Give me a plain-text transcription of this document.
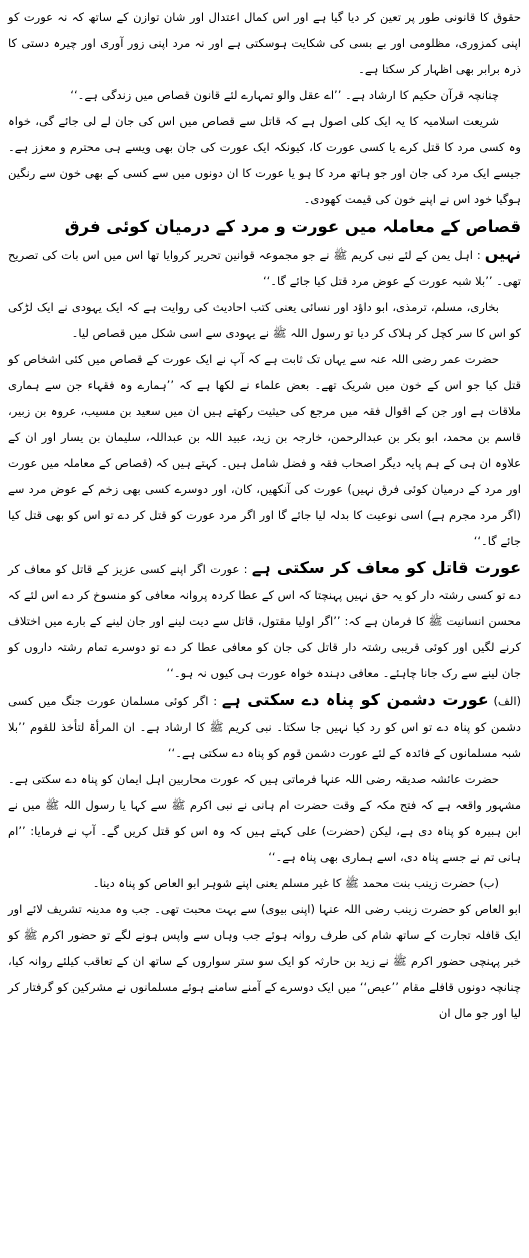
حقوق کا قانونی طور پر تعین کر دیا گیا ہے اور اس کمال اعتدال اور شان توازن کے ساتھ کہ نہ عورت کو اپنی کمزوری، مظلومی اور بے بسی کی شکایت ہوسکتی ہے اور نہ مرد اپنی زور آوری اور چیرہ دستی کا ذرہ برابر بھی اظہار کر سکتا ہے۔

چنانچہ قرآن حکیم کا ارشاد ہے۔ ’’اے عقل والو تمہارے لئے قانون قصاص میں زندگی ہے۔‘‘

شریعت اسلامیہ کا یہ ایک کلی اصول ہے کہ قاتل سے قصاص میں اس کی جان لے لی جائے گی، خواہ وہ کسی مرد کا قتل کرے یا کسی عورت کا، کیونکہ ایک عورت کی جان بھی ویسے ہی محترم و معزز ہے۔ جیسے ایک مرد کی جان اور جو ہاتھ مرد کا ہو یا عورت کا ان دونوں میں سے کسی کے بھی خون سے رنگین ہوگیا خود اس نے اپنے خون کی قیمت کھودی۔

قصاص کے معاملہ میں عورت و مرد کے درمیان کوئی فرق

نہیں : اہل یمن کے لئے نبی کریم ﷺ نے جو مجموعہ قوانین تحریر کروایا تھا اس میں اس بات کی تصریح تھی۔ ’’بلا شبہ عورت کے عوض مرد قتل کیا جائے گا۔‘‘

بخاری، مسلم، ترمذی، ابو داؤد اور نسائی یعنی کتب احادیث کی روایت ہے کہ ایک یہودی نے ایک لڑکی کو اس کا سر کچل کر ہلاک کر دیا تو رسول اللہ ﷺ نے یہودی سے اسی شکل میں قصاص لیا۔

حضرت عمر رضی اللہ عنہ سے یہاں تک ثابت ہے کہ آپ نے ایک عورت کے قصاص میں کئی اشخاص کو قتل کیا جو اس کے خون میں شریک تھے۔ بعض علماء نے لکھا ہے کہ ’’ہمارے وہ فقہاء جن سے ہماری ملاقات ہے اور جن کے اقوال فقہ میں مرجع کی حیثیت رکھتے ہیں ان میں سعید بن مسیب، عروہ بن زبیر، قاسم بن محمد، ابو بکر بن عبدالرحمن، خارجہ بن زید، عبید اللہ بن عبداللہ، سلیمان بن یسار اور ان کے علاوہ ان ہی کے ہم پایہ دیگر اصحاب فقہ و فضل شامل ہیں۔ کہتے ہیں کہ (قصاص کے معاملہ میں عورت اور مرد کے درمیان کوئی فرق نہیں) عورت کی آنکھیں، کان، اور دوسرے کسی بھی زخم کے عوض مرد سے (اگر مرد مجرم ہے) اسی نوعیت کا بدلہ لیا جائے گا اور اگر مرد عورت کو قتل کر دے تو اس کو بھی قتل کیا جائے گا۔‘‘

عورت قاتل کو معاف کر سکتی ہے : عورت اگر اپنے کسی عزیز کے قاتل کو معاف کر دے تو کسی رشتہ دار کو یہ حق نہیں پہنچتا کہ اس کے عطا کردہ پروانہ معافی کو منسوخ کر دے اس لئے کہ محسن انسانیت ﷺ کا فرمان ہے کہ: ’’اگر اولیا مقتول، قاتل سے دیت لینے اور جان لینے کے بارے میں اختلاف کرنے لگیں اور کوئی قریبی رشتہ دار قاتل کی جان کو معافی عطا کر دے تو دوسرے تمام رشتہ داروں کو جان لینے سے رک جانا چاہئے۔ معافی دہندہ خواہ عورت ہی کیوں نہ ہو۔‘‘

(الف) عورت دشمن کو پناہ دے سکتی ہے : اگر کوئی مسلمان عورت جنگ میں کسی دشمن کو پناہ دے تو اس کو رد کیا نہیں جا سکتا۔ نبی کریم ﷺ کا ارشاد ہے۔ ان المرأۃ لتأخذ للقوم ’’بلا شبہ مسلمانوں کے فائدہ کے لئے عورت دشمن قوم کو پناہ دے سکتی ہے۔‘‘

حضرت عائشہ صدیقہ رضی اللہ عنہا فرماتی ہیں کہ عورت محاربین اہل ایمان کو پناہ دے سکتی ہے۔ مشہور واقعہ ہے کہ فتح مکہ کے وقت حضرت ام ہانی نے نبی اکرم ﷺ سے کہا یا رسول اللہ ﷺ میں نے ابن ہبیرہ کو پناہ دی ہے، لیکن (حضرت) علی کہتے ہیں کہ وہ اس کو قتل کریں گے۔ آپ نے فرمایا: ’’ام ہانی تم نے جسے پناہ دی، اسے ہماری بھی پناہ ہے۔‘‘

(ب) حضرت زینب بنت محمد ﷺ کا غیر مسلم یعنی اپنے شوہر ابو العاص کو پناہ دینا۔

ابو العاص کو حضرت زینب رضی اللہ عنہا (اپنی بیوی) سے بہت محبت تھی۔ جب وہ مدینہ تشریف لائے اور ایک قافلہ تجارت کے ساتھ شام کی طرف روانہ ہوئے جب وہاں سے واپس ہونے لگے تو حضور اکرم ﷺ کو خبر پہنچی حضور اکرم ﷺ نے زید بن حارثہ کو ایک سو ستر سواروں کے ساتھ ان کے تعاقب کیلئے روانہ کیا، چنانچہ دونوں قافلے مقام ’’عیص‘‘ میں ایک دوسرے کے آمنے سامنے ہوئے مسلمانوں نے مشرکین کو گرفتار کر لیا اور جو مال ان
